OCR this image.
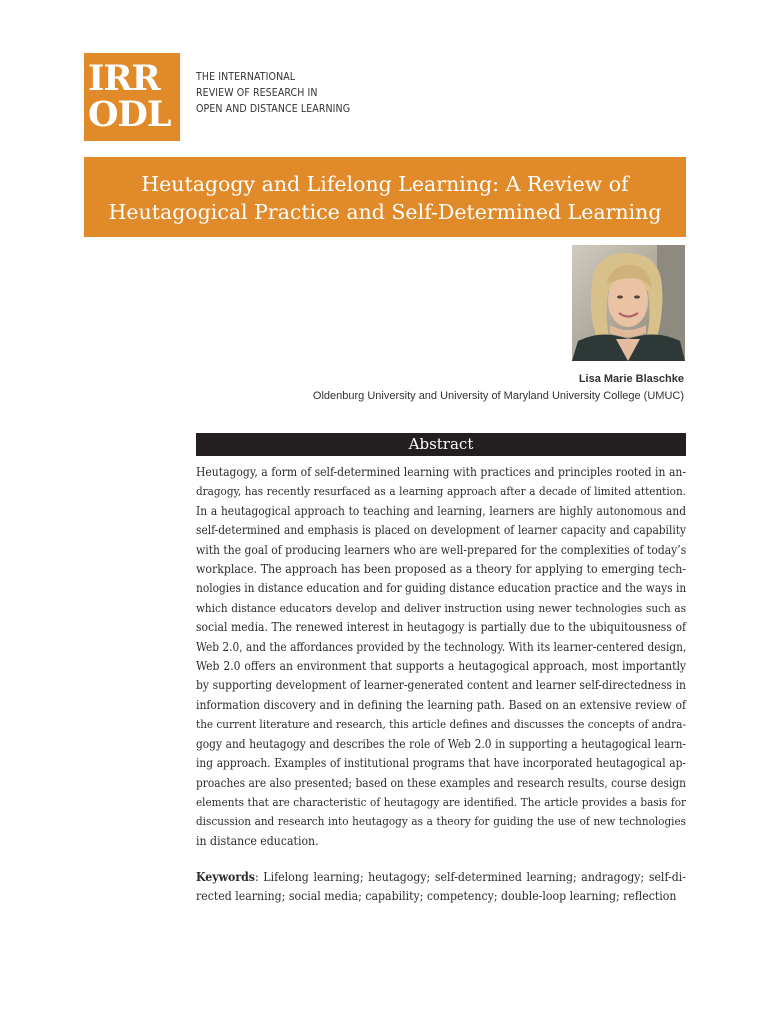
IRR
ODL
THE INTERNATIONAL
REVIEW OF RESEARCH IN
OPEN AND DISTANCE LEARNING
Heutagogy and Lifelong Learning: A Review of
Heutagogical Practice and Self-Determined Learning
Lisa Marie Blaschke
Oldenburg University and University of Maryland University College (UMUC)
Abstract
Heutagogy, a form of self-determined learning with practices and principles rooted in an-
dragogy, has recently resurfaced as a learning approach after a decade of limited attention.
In a heutagogical approach to teaching and learning, learners are highly autonomous and
self-determined and emphasis is placed on development of learner capacity and capability
with the goal of producing learners who are well-prepared for the complexities of today’s
workplace. The approach has been proposed as a theory for applying to emerging tech-
nologies in distance education and for guiding distance education practice and the ways in
which distance educators develop and deliver instruction using newer technologies such as
social media. The renewed interest in heutagogy is partially due to the ubiquitousness of
Web 2.0, and the affordances provided by the technology. With its learner-centered design,
Web 2.0 offers an environment that supports a heutagogical approach, most importantly
by supporting development of learner-generated content and learner self-directedness in
information discovery and in defining the learning path. Based on an extensive review of
the current literature and research, this article defines and discusses the concepts of andra-
gogy and heutagogy and describes the role of Web 2.0 in supporting a heutagogical learn-
ing approach. Examples of institutional programs that have incorporated heutagogical ap-
proaches are also presented; based on these examples and research results, course design
elements that are characteristic of heutagogy are identified. The article provides a basis for
discussion and research into heutagogy as a theory for guiding the use of new technologies
in distance education.
Keywords: Lifelong learning; heutagogy; self-determined learning; andragogy; self-di-
rected learning; social media; capability; competency; double-loop learning; reflection
